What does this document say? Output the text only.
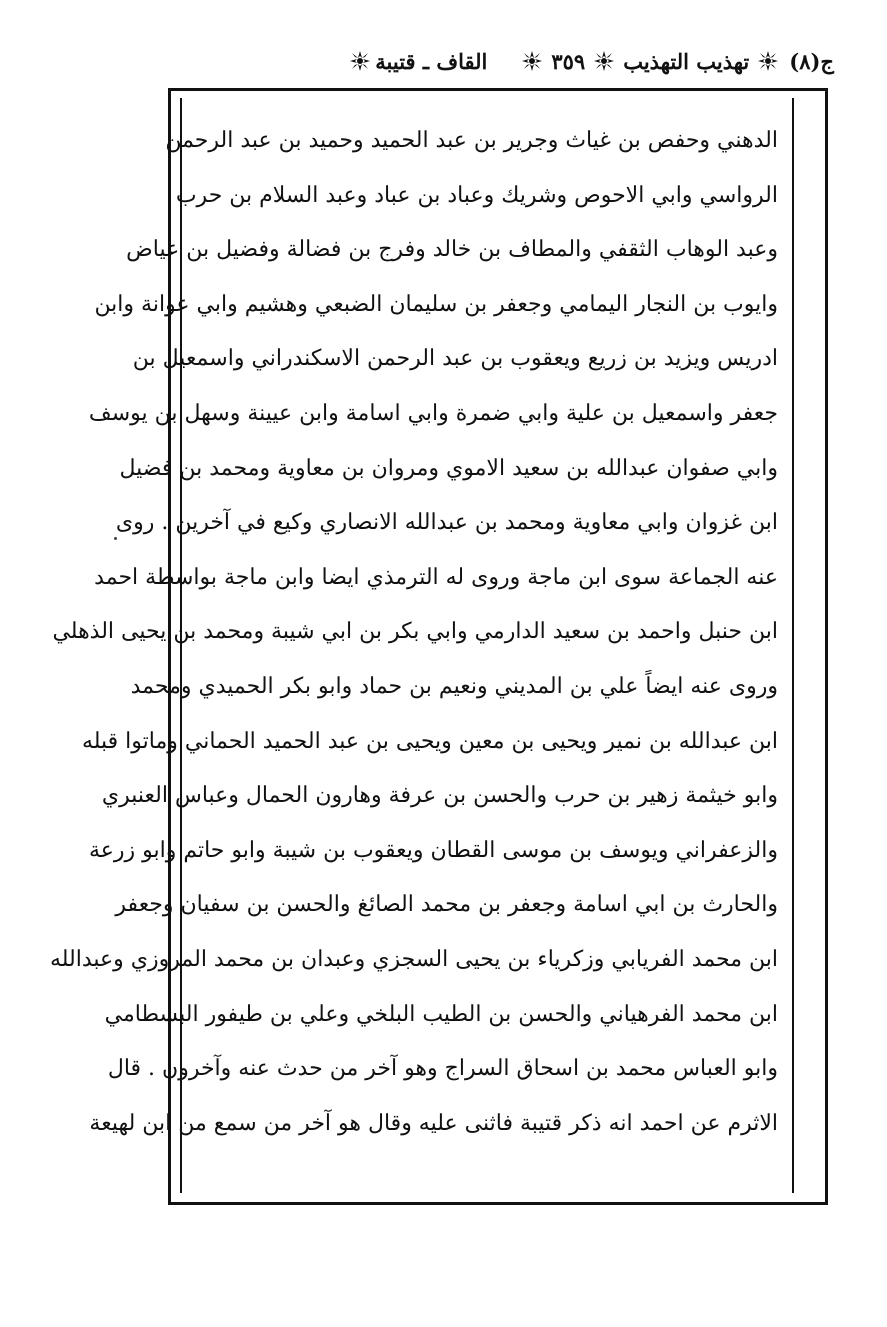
ج(٨)
تهذيب التهذيب
٣٥٩
القاف ـ قتيبة
الدهني وحفص بن غياث وجرير بن عبد الحميد وحميد بن عبد الرحمن
الرواسي وابي الاحوص وشريك وعباد بن عباد وعبد السلام بن حرب
وعبد الوهاب الثقفي والمطاف بن خالد وفرج بن فضالة وفضيل بن عياض
وايوب بن النجار اليمامي وجعفر بن سليمان الضبعي وهشيم وابي عوانة وابن
ادريس ويزيد بن زريع ويعقوب بن عبد الرحمن الاسكندراني واسمعيل بن
جعفر واسمعيل بن علية وابي ضمرة وابي اسامة وابن عيينة وسهل بن يوسف
وابي صفوان عبدالله بن سعيد الاموي ومروان بن معاوية ومحمد بن فضيل
ابن غزوان وابي معاوية ومحمد بن عبدالله الانصاري وكيع في آخرين . روى
عنه الجماعة سوى ابن ماجة وروى له الترمذي ايضا وابن ماجة بواسطة احمد
ابن حنبل واحمد بن سعيد الدارمي وابي بكر بن ابي شيبة ومحمد بن يحيى الذهلي
وروى عنه ايضاً علي بن المديني ونعيم بن حماد وابو بكر الحميدي ومحمد
ابن عبدالله بن نمير ويحيى بن معين ويحيى بن عبد الحميد الحماني وماتوا قبله
وابو خيثمة زهير بن حرب والحسن بن عرفة وهارون الحمال وعباس العنبري
والزعفراني ويوسف بن موسى القطان ويعقوب بن شيبة وابو حاتم وابو زرعة
والحارث بن ابي اسامة وجعفر بن محمد الصائغ والحسن بن سفيان وجعفر
ابن محمد الفريابي وزكرياء بن يحيى السجزي وعبدان بن محمد المروزي وعبدالله
ابن محمد الفرهياني والحسن بن الطيب البلخي وعلي بن طيفور البسطامي
وابو العباس محمد بن اسحاق السراج وهو آخر من حدث عنه وآخرون . قال
الاثرم عن احمد انه ذكر قتيبة فاثنى عليه وقال هو آخر من سمع من ابن لهيعة
